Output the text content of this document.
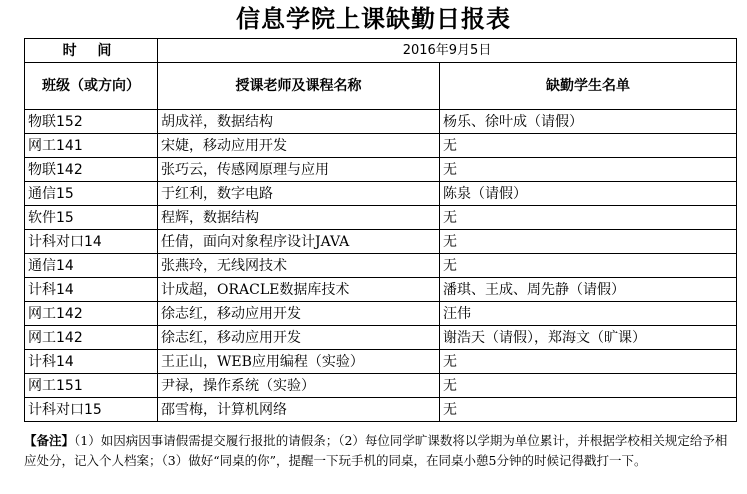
信息学院上课缺勤日报表
时 间	2016年9月5日	
班级（或方向）	授课老师及课程名称	缺勤学生名单
物联152	胡成祥，数据结构	杨乐、徐叶成（请假）
网工141	宋婕，移动应用开发	无
物联142	张巧云，传感网原理与应用	无
通信15	于红利，数字电路	陈泉（请假）
软件15	程辉，数据结构	无
计科对口14	任倩，面向对象程序设计JAVA	无
通信14	张燕玲，无线网技术	无
计科14	计成超，ORACLE数据库技术	潘琪、王成、周先静（请假）
网工142	徐志红，移动应用开发	汪伟
网工142	徐志红，移动应用开发	谢浩天（请假），郑海文（旷课）
计科14	王正山，WEB应用编程（实验）	无
网工151	尹禄，操作系统（实验）	无
计科对口15	邵雪梅，计算机网络	无
【备注】（1）如因病因事请假需提交履行报批的请假条；（2）每位同学旷课数将以学期为单位累计，并根据学校相关规定给予相应处分，记入个人档案；（3）做好“同桌的你”，提醒一下玩手机的同桌，在同桌小憩5分钟的时候记得戳打一下。
